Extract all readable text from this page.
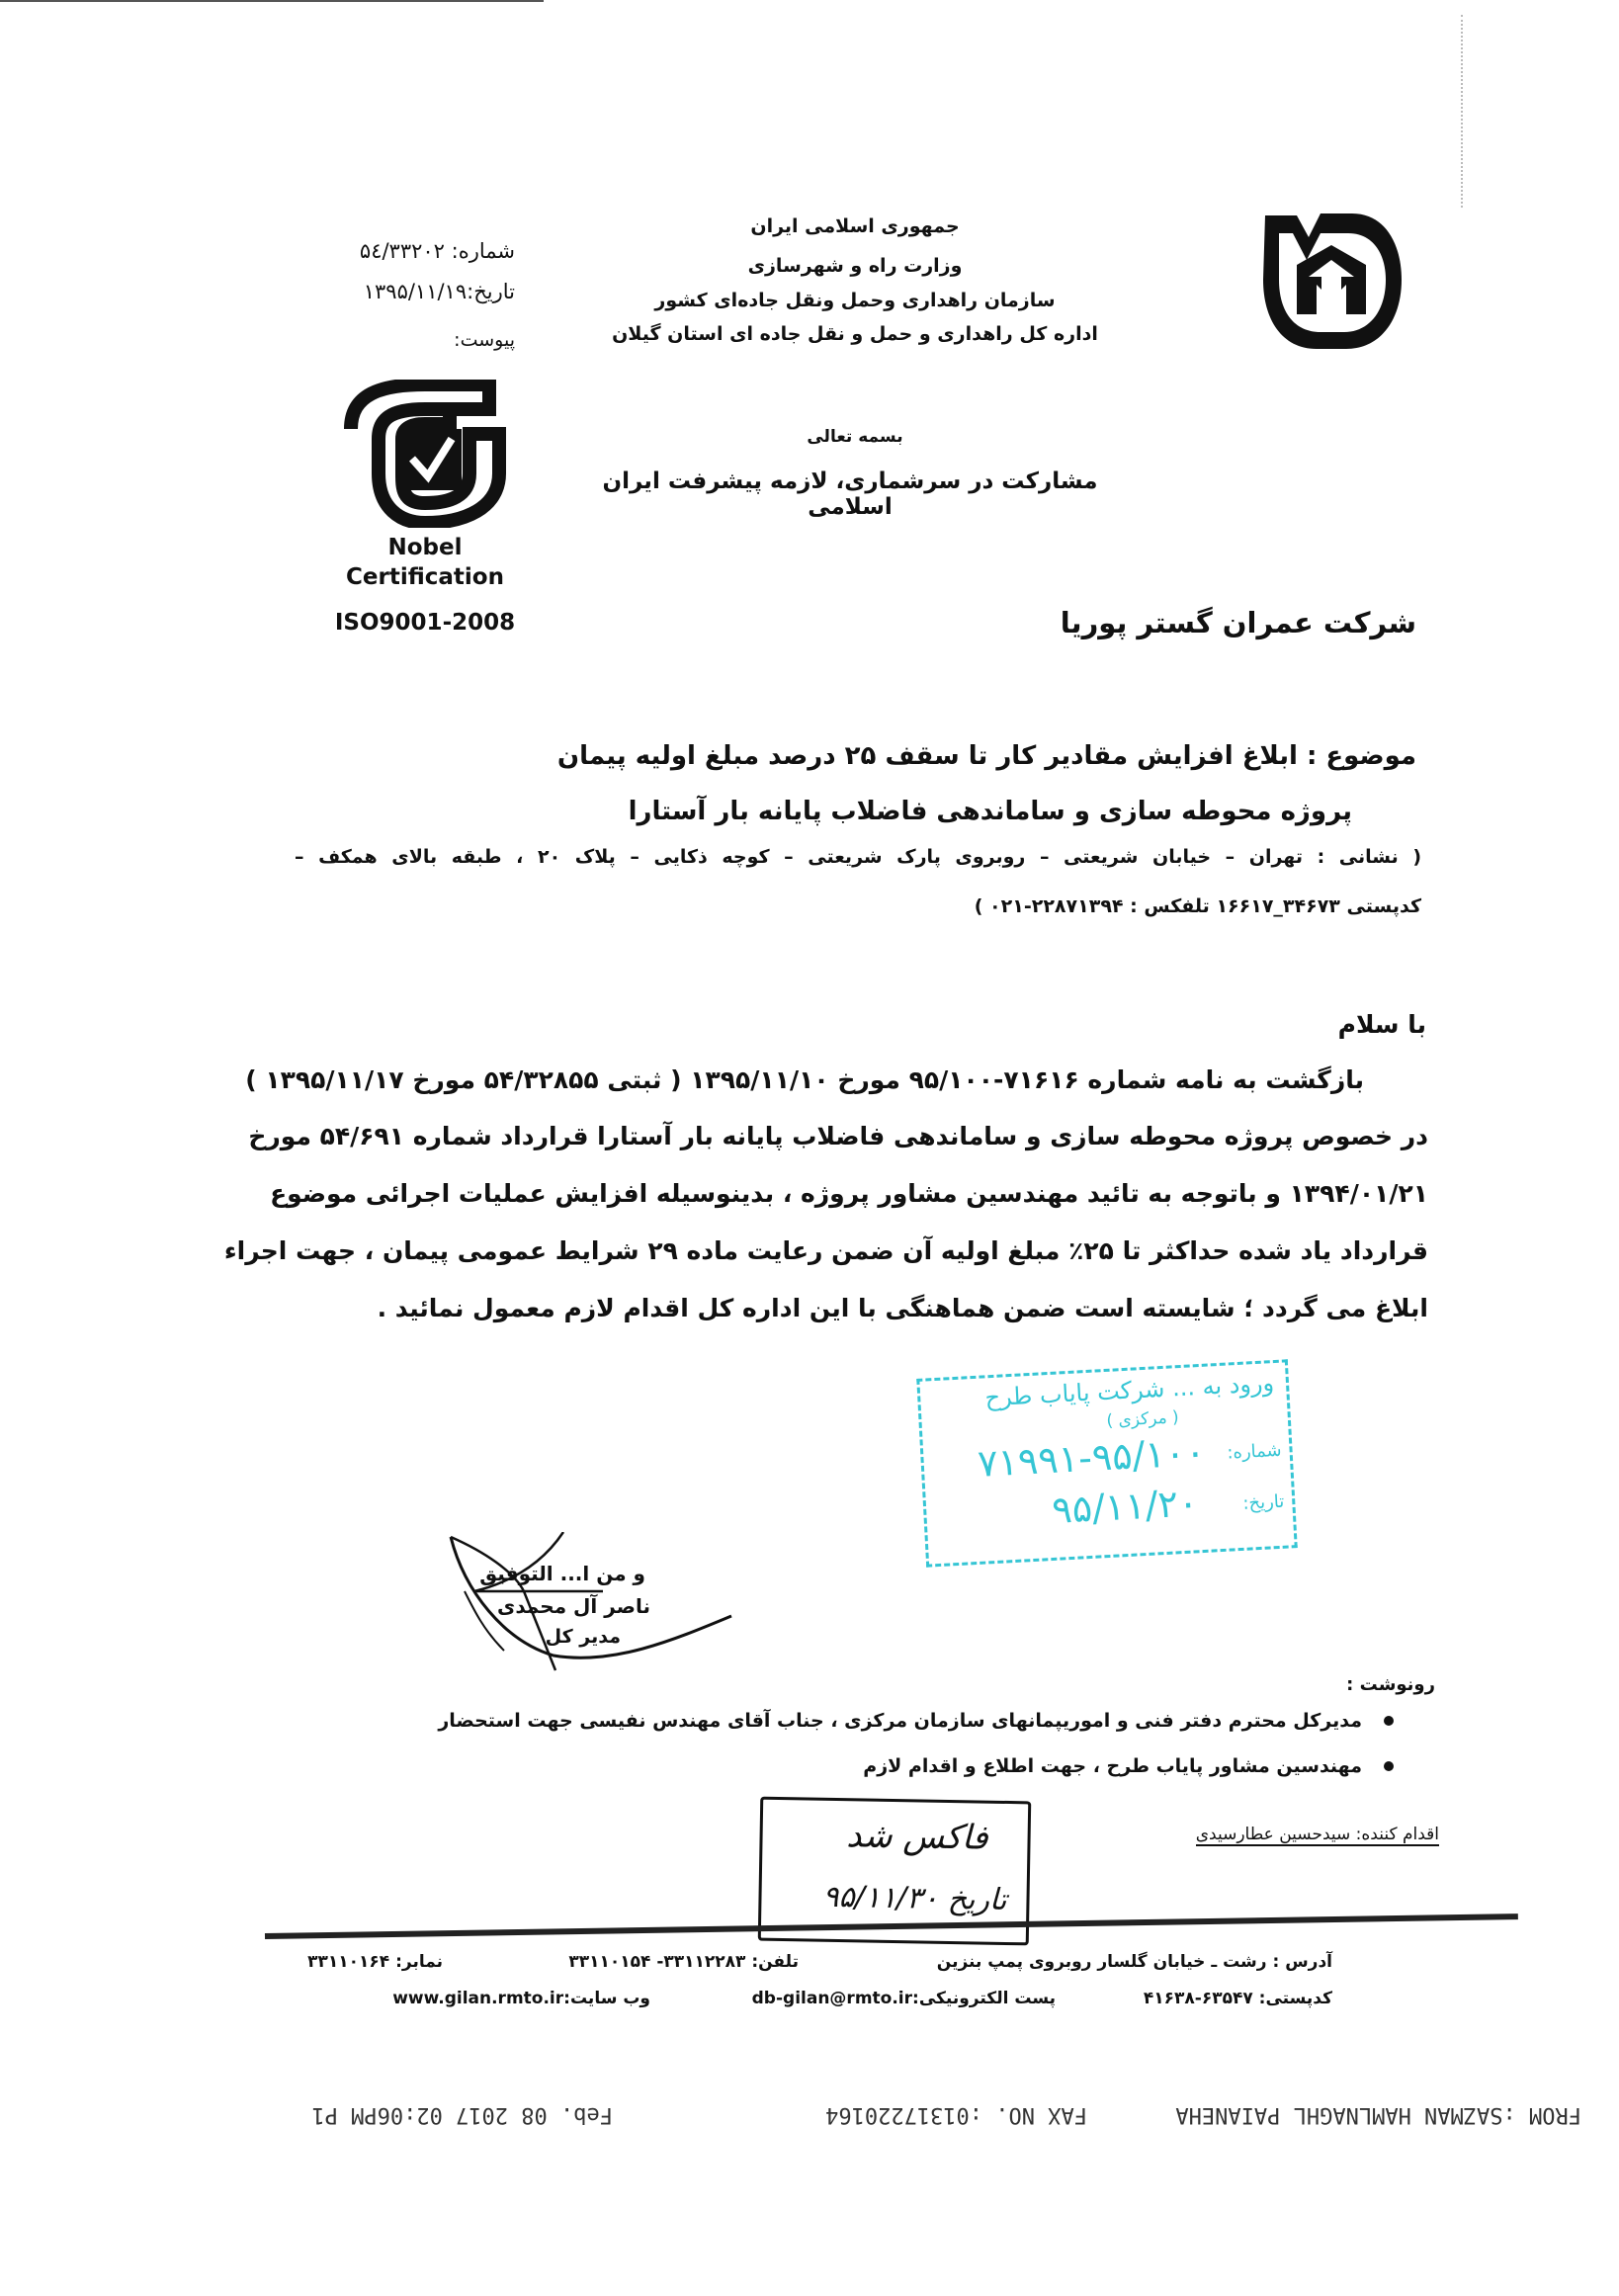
جمهوری اسلامی ایران
وزارت راه و شهرسازی
سازمان راهداری وحمل ونقل جاده‌ای کشور
اداره کل راهداری و حمل و نقل جاده ای استان گیلان
شماره: ۵٤/۳۳۲۰۲
تاریخ:۱۳۹۵/۱۱/۱۹
پیوست:
Nobel
Certification
ISO9001-2008
بسمه تعالی
مشارکت در سرشماری، لازمه پیشرفت ایران اسلامی
شرکت عمران گستر پوریا
موضوع : ابلاغ افزایش مقادیر کار تا سقف ۲۵ درصد مبلغ اولیه پیمان
پروژه محوطه سازی و ساماندهی فاضلاب پایانه بار آستارا
( نشانی : تهران – خیابان شریعتی – روبروی پارک شریعتی – کوچه ذکایی – پلاک ۲۰ ، طبقه بالای همکف –
کدپستی ۳۴۶۷۳_۱۶۶۱۷ تلفکس : ۲۲۸۷۱۳۹۴-۰۲۱ )
با سلام
بازگشت به نامه شماره ۷۱۶۱۶-۹۵/۱۰۰ مورخ ۱۳۹۵/۱۱/۱۰ ( ثبتی ۵۴/۳۲۸۵۵ مورخ ۱۳۹۵/۱۱/۱۷ )
در خصوص پروژه محوطه سازی و ساماندهی فاضلاب پایانه بار آستارا قرارداد شماره ۵۴/۶۹۱ مورخ
۱۳۹۴/۰۱/۲۱ و باتوجه به تائید مهندسین مشاور پروژه ، بدینوسیله افزایش عملیات اجرائی موضوع
قرارداد یاد شده حداکثر تا ۲۵٪ مبلغ اولیه آن ضمن رعایت ماده ۲۹ شرایط عمومی پیمان ، جهت اجراء
ابلاغ می گردد ؛ شایسته است ضمن هماهنگی با این اداره کل اقدام لازم معمول نمائید .
ورود به ... شرکت پایاب طرح
( مرکزی )
شماره:
۷۱۹۹۱-۹۵/۱۰۰
تاریخ:
۹۵/۱۱/۲۰
و من ا... التوفیق
ناصر آل محمدی
مدیر کل
رونوشت :
مدیرکل محترم دفتر فنی و اموریپمانهای سازمان مرکزی ، جناب آقای مهندس نفیسی جهت استحضار
مهندسین مشاور پایاب طرح ، جهت اطلاع و اقدام لازم
اقدام کننده: سیدحسین عطارسیدی
فاکس شد
تاریخ ۹۵/۱۱/۳۰
آدرس : رشت ـ خیابان گلسار روبروی پمپ بنزین
تلفن: ۳۳۱۱۲۲۸۳- ۳۳۱۱۰۱۵۴
نمابر: ۳۳۱۱۰۱۶۴
کدپستی: ۶۳۵۴۷-۴۱۶۳۸
پست الکترونیکی:db-gilan@rmto.ir
وب سایت:www.gilan.rmto.ir
FROM :SAZMAN HAMLNAGHL PAIANEHA
FAX NO. :01317220164
Feb. 08 2017 02:06PM P1
